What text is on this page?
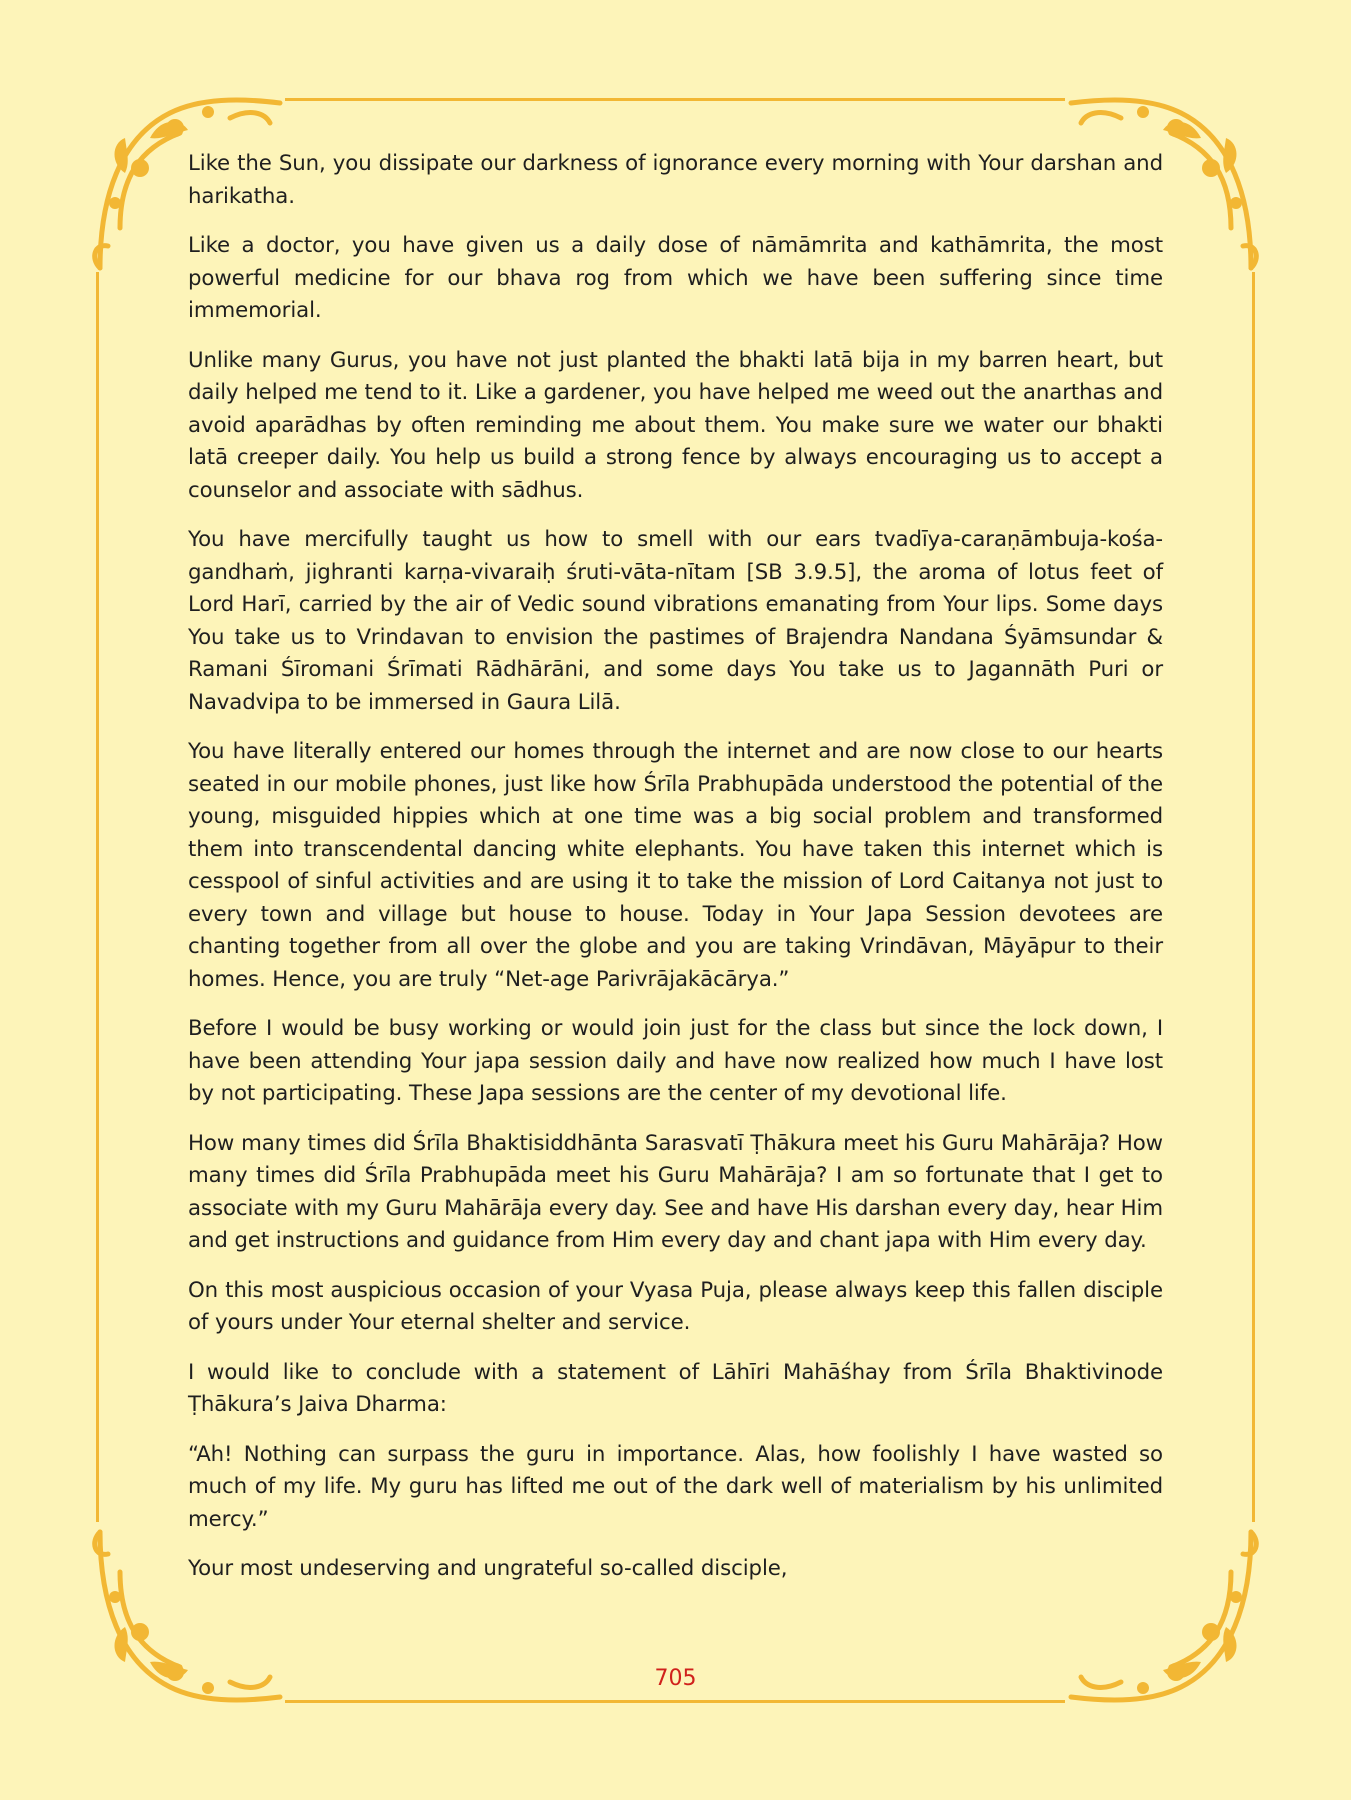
Like the Sun, you dissipate our darkness of ignorance every morning with Your darshan and harikatha.

Like a doctor, you have given us a daily dose of nāmāmrita and kathāmrita, the most powerful medicine for our bhava rog from which we have been suffering since time immemorial.

Unlike many Gurus, you have not just planted the bhakti latā bija in my barren heart, but daily helped me tend to it. Like a gardener, you have helped me weed out the anarthas and avoid aparādhas by often reminding me about them. You make sure we water our bhakti latā creeper daily. You help us build a strong fence by always encouraging us to accept a counselor and associate with sādhus.

You have mercifully taught us how to smell with our ears tvadīya-caraṇāmbuja-kośa-gandhaṁ, jighranti karṇa-vivaraiḥ śruti-vāta-nītam [SB 3.9.5], the aroma of lotus feet of Lord Harī, carried by the air of Vedic sound vibrations emanating from Your lips. Some days You take us to Vrindavan to envision the pastimes of Brajendra Nandana Śyāmsundar & Ramani Śīromani Śrīmati Rādhārāni, and some days You take us to Jagannāth Puri or Navadvipa to be immersed in Gaura Lilā.

You have literally entered our homes through the internet and are now close to our hearts seated in our mobile phones, just like how Śrīla Prabhupāda understood the potential of the young, misguided hippies which at one time was a big social problem and transformed them into transcendental dancing white elephants. You have taken this internet which is cesspool of sinful activities and are using it to take the mission of Lord Caitanya not just to every town and village but house to house. Today in Your Japa Session devotees are chanting together from all over the globe and you are taking Vrindāvan, Māyāpur to their homes. Hence, you are truly “Net-age Parivrājakācārya.”

Before I would be busy working or would join just for the class but since the lock down, I have been attending Your japa session daily and have now realized how much I have lost by not participating. These Japa sessions are the center of my devotional life.

How many times did Śrīla Bhaktisiddhānta Sarasvatī Ṭhākura meet his Guru Mahārāja? How many times did Śrīla Prabhupāda meet his Guru Mahārāja? I am so fortunate that I get to associate with my Guru Mahārāja every day. See and have His darshan every day, hear Him and get instructions and guidance from Him every day and chant japa with Him every day.

On this most auspicious occasion of your Vyasa Puja, please always keep this fallen disciple of yours under Your eternal shelter and service.

I would like to conclude with a statement of Lāhīri Mahāśhay from Śrīla Bhaktivinode Ṭhākura’s Jaiva Dharma:

“Ah! Nothing can surpass the guru in importance. Alas, how foolishly I have wasted so much of my life. My guru has lifted me out of the dark well of materialism by his unlimited mercy.”

Your most undeserving and ungrateful so-called disciple,

705
